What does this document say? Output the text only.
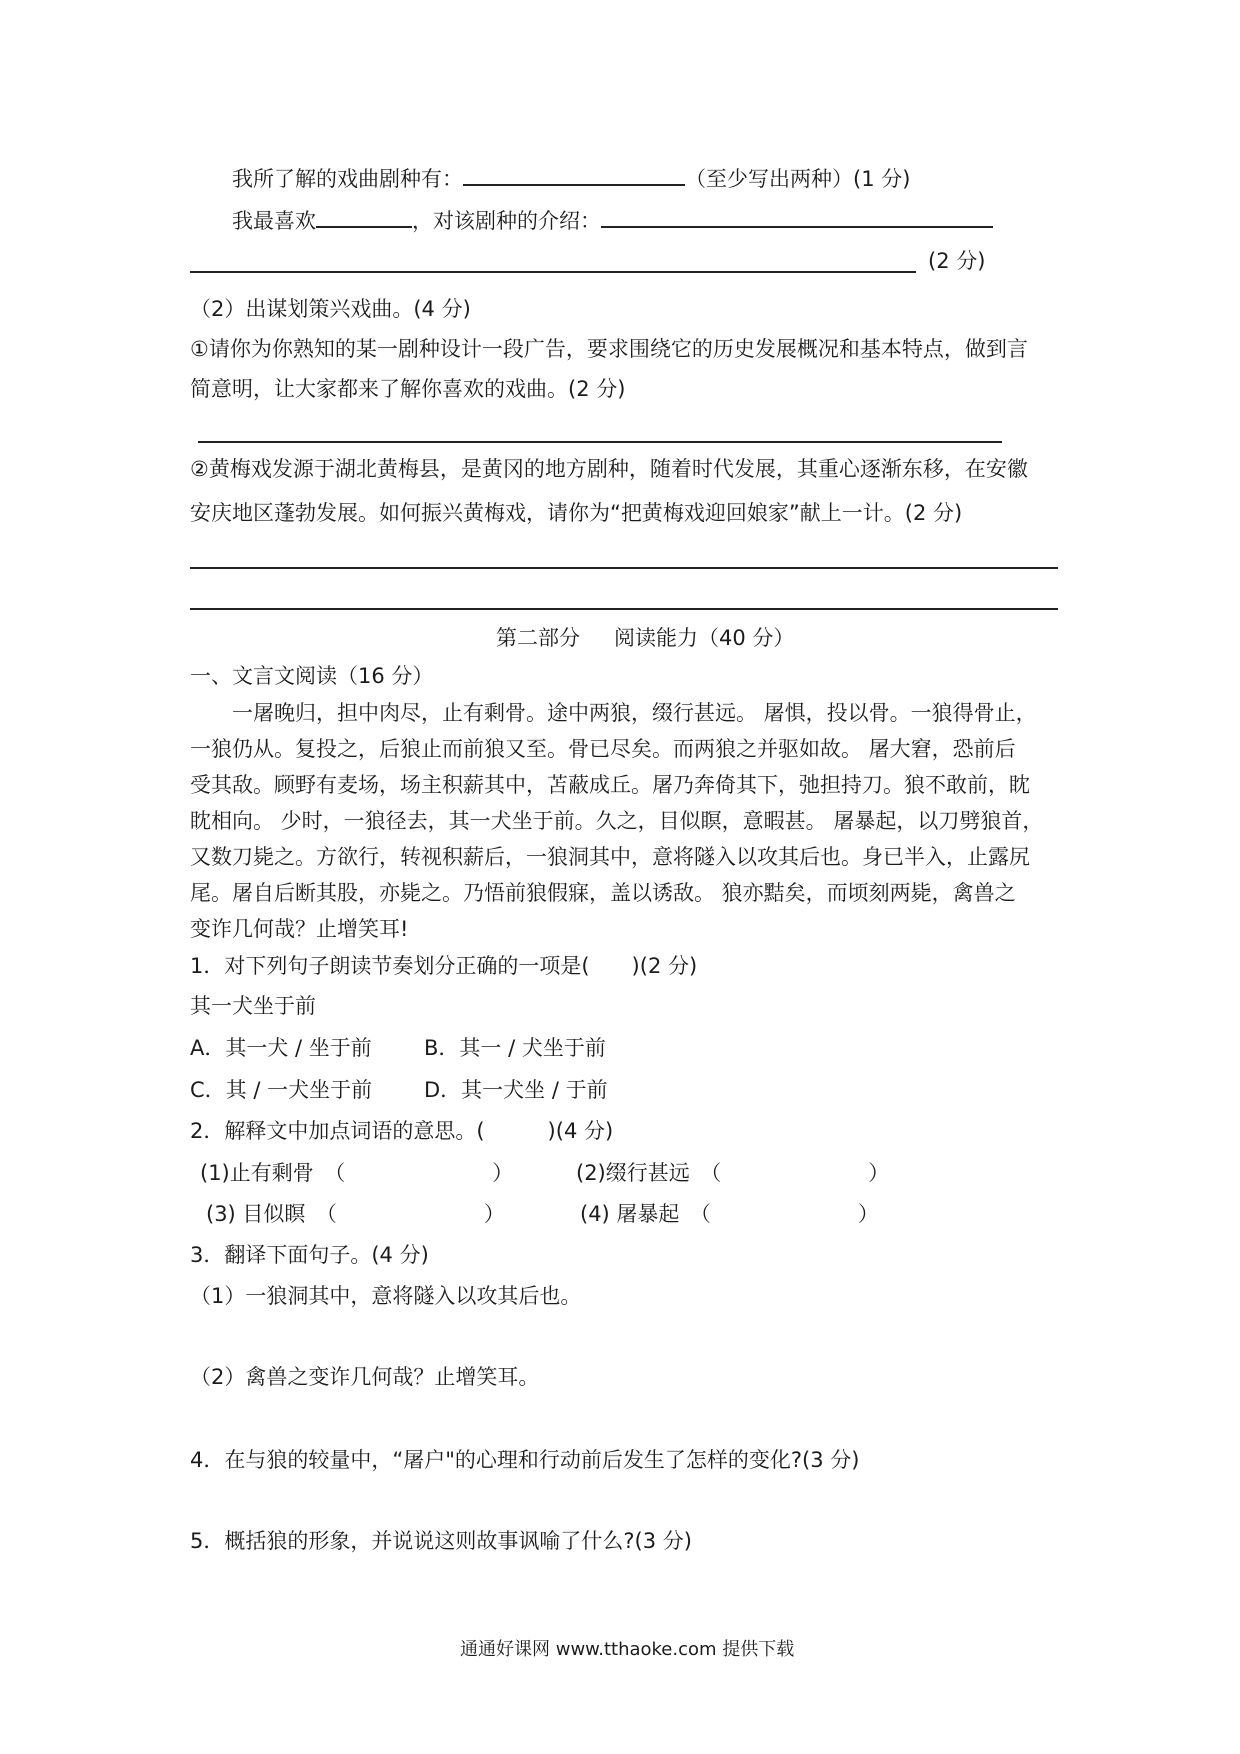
我所了解的戏曲剧种有：	（至少写出两种）(1 分)
我最喜欢	，对该剧种的介绍：
(2 分)
（2）出谋划策兴戏曲。(4 分)
①请你为你熟知的某一剧种设计一段广告，要求围绕它的历史发展概况和基本特点，做到言
简意明，让大家都来了解你喜欢的戏曲。(2 分)
②黄梅戏发源于湖北黄梅县，是黄冈的地方剧种，随着时代发展，其重心逐渐东移，在安徽
安庆地区蓬勃发展。如何振兴黄梅戏，请你为“把黄梅戏迎回娘家”献上一计。(2 分)
第二部分 阅读能力（40 分）
一、文言文阅读（16 分）
一屠晚归，担中肉尽，止有剩骨。途中两狼，缀行甚远。 屠惧，投以骨。一狼得骨止，
一狼仍从。复投之，后狼止而前狼又至。骨已尽矣。而两狼之并驱如故。 屠大窘，恐前后
受其敌。顾野有麦场，场主积薪其中，苫蔽成丘。屠乃奔倚其下，弛担持刀。狼不敢前，眈
眈相向。 少时，一狼径去，其一犬坐于前。久之，目似瞑，意暇甚。 屠暴起，以刀劈狼首，
又数刀毙之。方欲行，转视积薪后，一狼洞其中，意将隧入以攻其后也。身已半入，止露尻
尾。屠自后断其股，亦毙之。乃悟前狼假寐，盖以诱敌。 狼亦黠矣，而顷刻两毙，禽兽之
变诈几何哉？止增笑耳!
1．对下列句子朗读节奏划分正确的一项是(　　)(2 分)
其一犬坐于前
A．其一犬 / 坐于前 B．其一 / 犬坐于前
C．其 / 一犬坐于前 D．其一犬坐 / 于前
2．解释文中加点词语的意思。(　　　)(4 分)
(1)止有剩骨　（　　　　　　　）	(2)缀行甚远　（　　　　　　　）
(3) 目似瞑　（　　　　　　　）	(4) 屠暴起　（　　　　　　　）
3．翻译下面句子。(4 分)
（1）一狼洞其中，意将隧入以攻其后也。
（2）禽兽之变诈几何哉？止增笑耳。
4．在与狼的较量中，“屠户"的心理和行动前后发生了怎样的变化?(3 分)
5．概括狼的形象，并说说这则故事讽喻了什么?(3 分)
通通好课网 www.tthaoke.com 提供下载
